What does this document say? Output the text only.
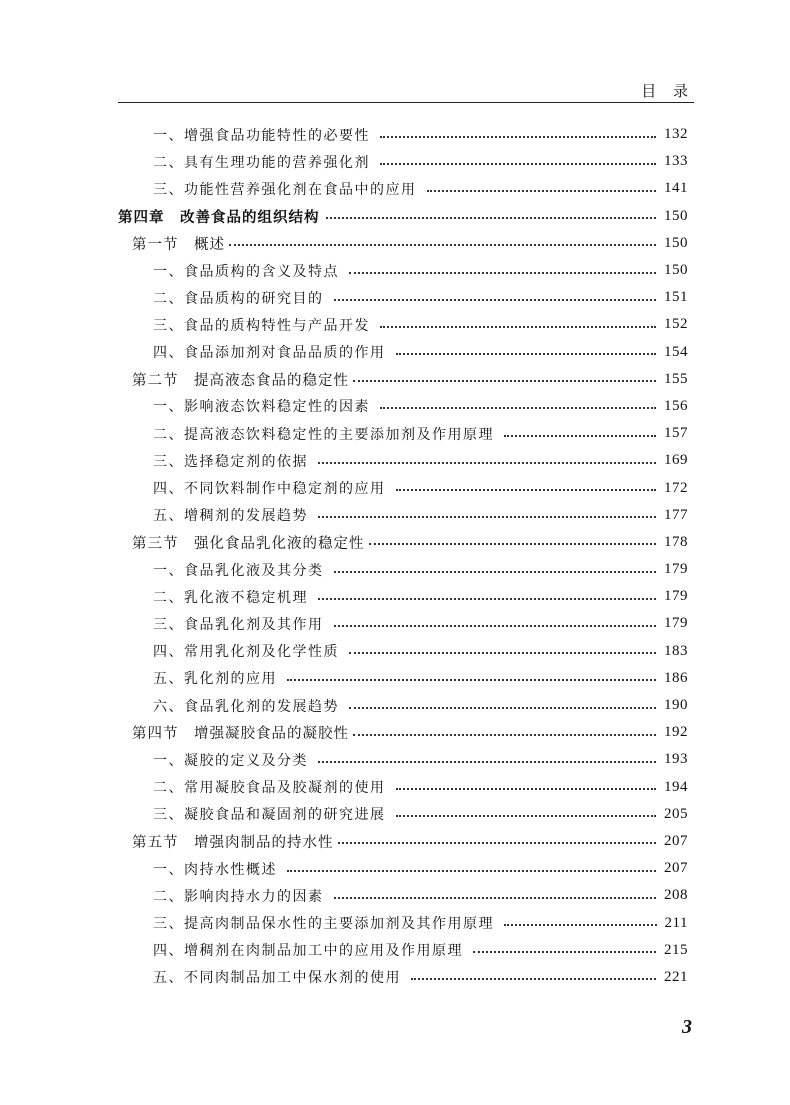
目 录
一、增强食品功能特性的必要性	132
二、具有生理功能的营养强化剂	133
三、功能性营养强化剂在食品中的应用	141
第四章　改善食品的组织结构	150
第一节　概述	150
一、食品质构的含义及特点	150
二、食品质构的研究目的	151
三、食品的质构特性与产品开发	152
四、食品添加剂对食品品质的作用	154
第二节　提高液态食品的稳定性	155
一、影响液态饮料稳定性的因素	156
二、提高液态饮料稳定性的主要添加剂及作用原理	157
三、选择稳定剂的依据	169
四、不同饮料制作中稳定剂的应用	172
五、增稠剂的发展趋势	177
第三节　强化食品乳化液的稳定性	178
一、食品乳化液及其分类	179
二、乳化液不稳定机理	179
三、食品乳化剂及其作用	179
四、常用乳化剂及化学性质	183
五、乳化剂的应用	186
六、食品乳化剂的发展趋势	190
第四节　增强凝胶食品的凝胶性	192
一、凝胶的定义及分类	193
二、常用凝胶食品及胶凝剂的使用	194
三、凝胶食品和凝固剂的研究进展	205
第五节　增强肉制品的持水性	207
一、肉持水性概述	207
二、影响肉持水力的因素	208
三、提高肉制品保水性的主要添加剂及其作用原理	211
四、增稠剂在肉制品加工中的应用及作用原理	215
五、不同肉制品加工中保水剂的使用	221
3
